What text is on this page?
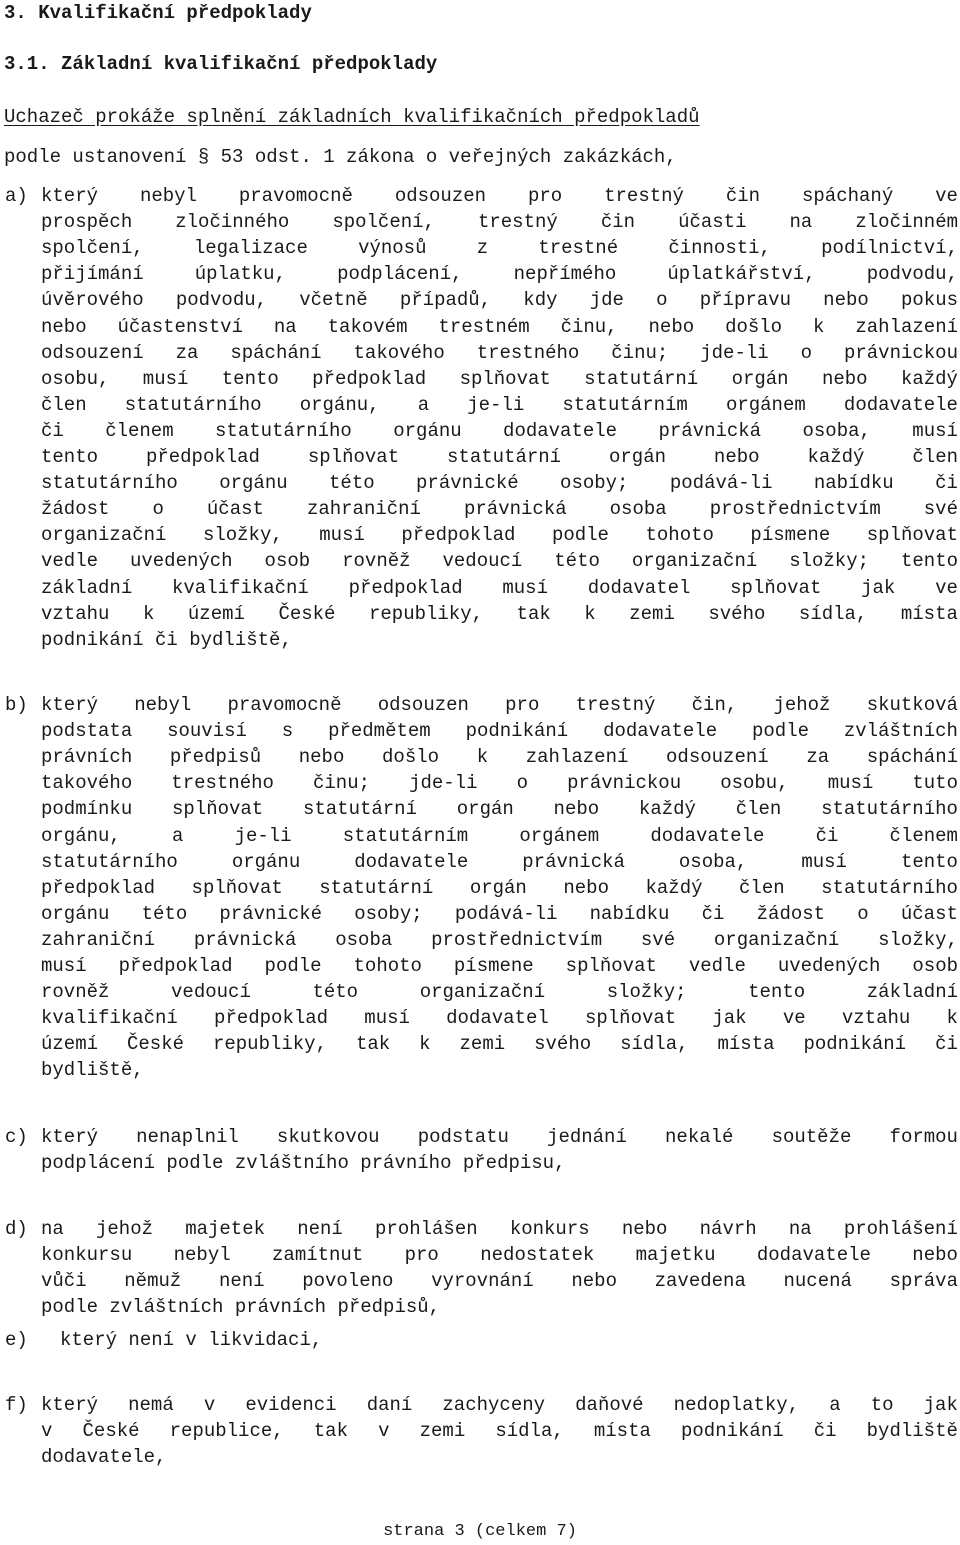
3. Kvalifikační předpoklady
3.1. Základní kvalifikační předpoklady
Uchazeč prokáže splnění základních kvalifikačních předpokladů
podle ustanovení § 53 odst. 1 zákona o veřejných zakázkách,
a) který nebyl pravomocně odsouzen pro trestný čin spáchaný ve
prospěch zločinného spolčení, trestný čin účasti na zločinném
spolčení,	legalizace	výnosů	z	trestné	činnosti,	podílnictví,
přijímání	úplatku,	podplácení,	nepřímého	úplatkářství,	podvodu,
úvěrového podvodu, včetně případů, kdy jde o přípravu nebo pokus
nebo účastenství na takovém trestném činu, nebo došlo k zahlazení
odsouzení za spáchání takového trestného činu; jde-li o právnickou
osobu, musí tento předpoklad splňovat statutární orgán nebo každý
člen statutárního orgánu, a je-li statutárním orgánem dodavatele
či členem statutárního orgánu dodavatele právnická osoba, musí
tento	předpoklad	splňovat	statutární	orgán	nebo	každý	člen
statutárního orgánu této právnické osoby; podává-li nabídku či
žádost o účast zahraniční právnická osoba prostřednictvím své
organizační složky, musí předpoklad podle tohoto písmene splňovat
vedle uvedených osob rovněž vedoucí této organizační složky; tento
základní kvalifikační předpoklad musí dodavatel splňovat jak ve
vztahu k území České republiky, tak k zemi svého sídla, místa
podnikání či bydliště,
b) který nebyl pravomocně odsouzen pro trestný čin, jehož skutková
podstata souvisí s předmětem podnikání dodavatele podle zvláštních
právních předpisů nebo došlo k zahlazení odsouzení za spáchání
takového trestného činu; jde-li o právnickou osobu, musí tuto
podmínku splňovat statutární orgán nebo každý člen statutárního
orgánu,	a	je-li	statutárním	orgánem	dodavatele	či	členem
statutárního	orgánu	dodavatele	právnická	osoba,	musí	tento
předpoklad splňovat statutární orgán nebo každý člen statutárního
orgánu této právnické osoby; podává-li nabídku či žádost o účast
zahraniční právnická osoba prostřednictvím své organizační složky,
musí předpoklad podle tohoto písmene splňovat vedle uvedených osob
rovněž	vedoucí	této	organizační	složky;	tento	základní
kvalifikační předpoklad musí dodavatel splňovat jak ve vztahu k
území České republiky, tak k zemi svého sídla, místa podnikání či
bydliště,
c) který nenaplnil skutkovou podstatu jednání nekalé soutěže formou
podplácení podle zvláštního právního předpisu,
d) na jehož majetek není prohlášen konkurs nebo návrh na prohlášení
konkursu nebyl zamítnut pro nedostatek majetku dodavatele nebo
vůči němuž není povoleno vyrovnání nebo zavedena nucená správa
podle zvláštních právních předpisů,
e) který není v likvidaci,
f) který nemá v evidenci daní zachyceny daňové nedoplatky, a to jak
v České republice, tak v zemi sídla, místa podnikání či bydliště
dodavatele,
strana 3 (celkem 7)
